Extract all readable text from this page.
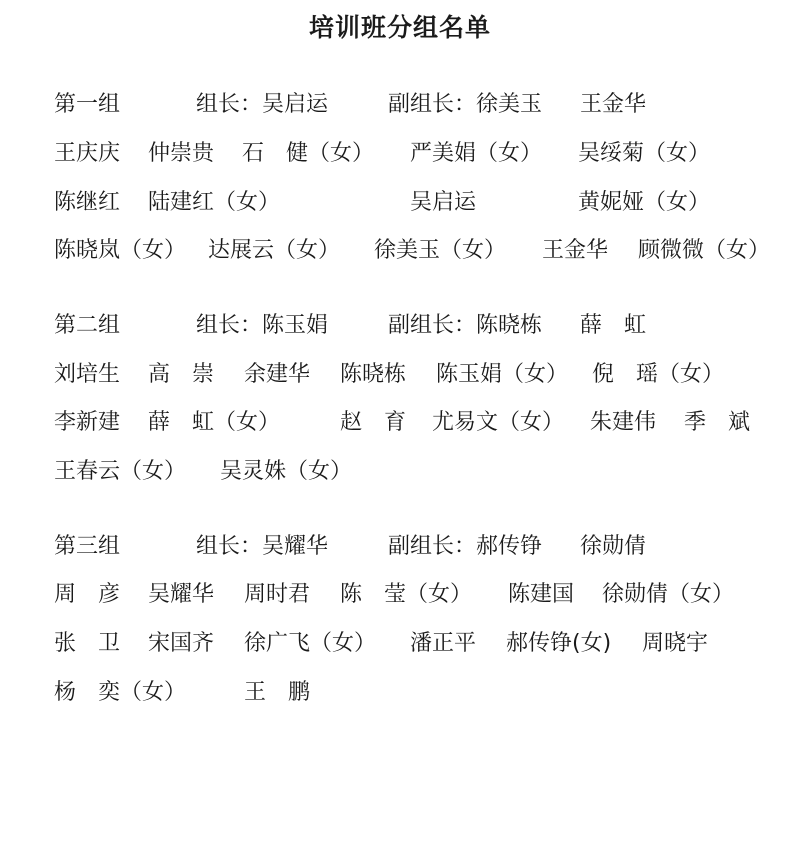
培训班分组名单

第一组

	组长：吴启运

	副组长：徐美玉

王金华

王庆庆

仲崇贵

石　健（女）

严美娟（女）

吴绥菊（女）

陈继红

陆建红（女）

	吴启运

	黄妮娅（女）

陈晓岚（女）

达展云（女）

徐美玉（女）

王金华

顾微微（女）

第二组

	组长：陈玉娟

	副组长：陈晓栋

薛　虹

刘培生

高　崇

余建华

陈晓栋

陈玉娟（女）

倪　瑶（女）

李新建

薛　虹（女）

	赵　育

尤易文（女）

朱建伟

季　斌

王春云（女）

吴灵姝（女）

第三组

	组长：吴耀华

	副组长：郝传铮

徐勋倩

周　彦

吴耀华

周时君

陈　莹（女）

陈建国

徐勋倩（女）

张　卫

宋国齐

徐广飞（女）

潘正平

郝传铮(女)

周晓宇

杨　奕（女）

	王　鹏
